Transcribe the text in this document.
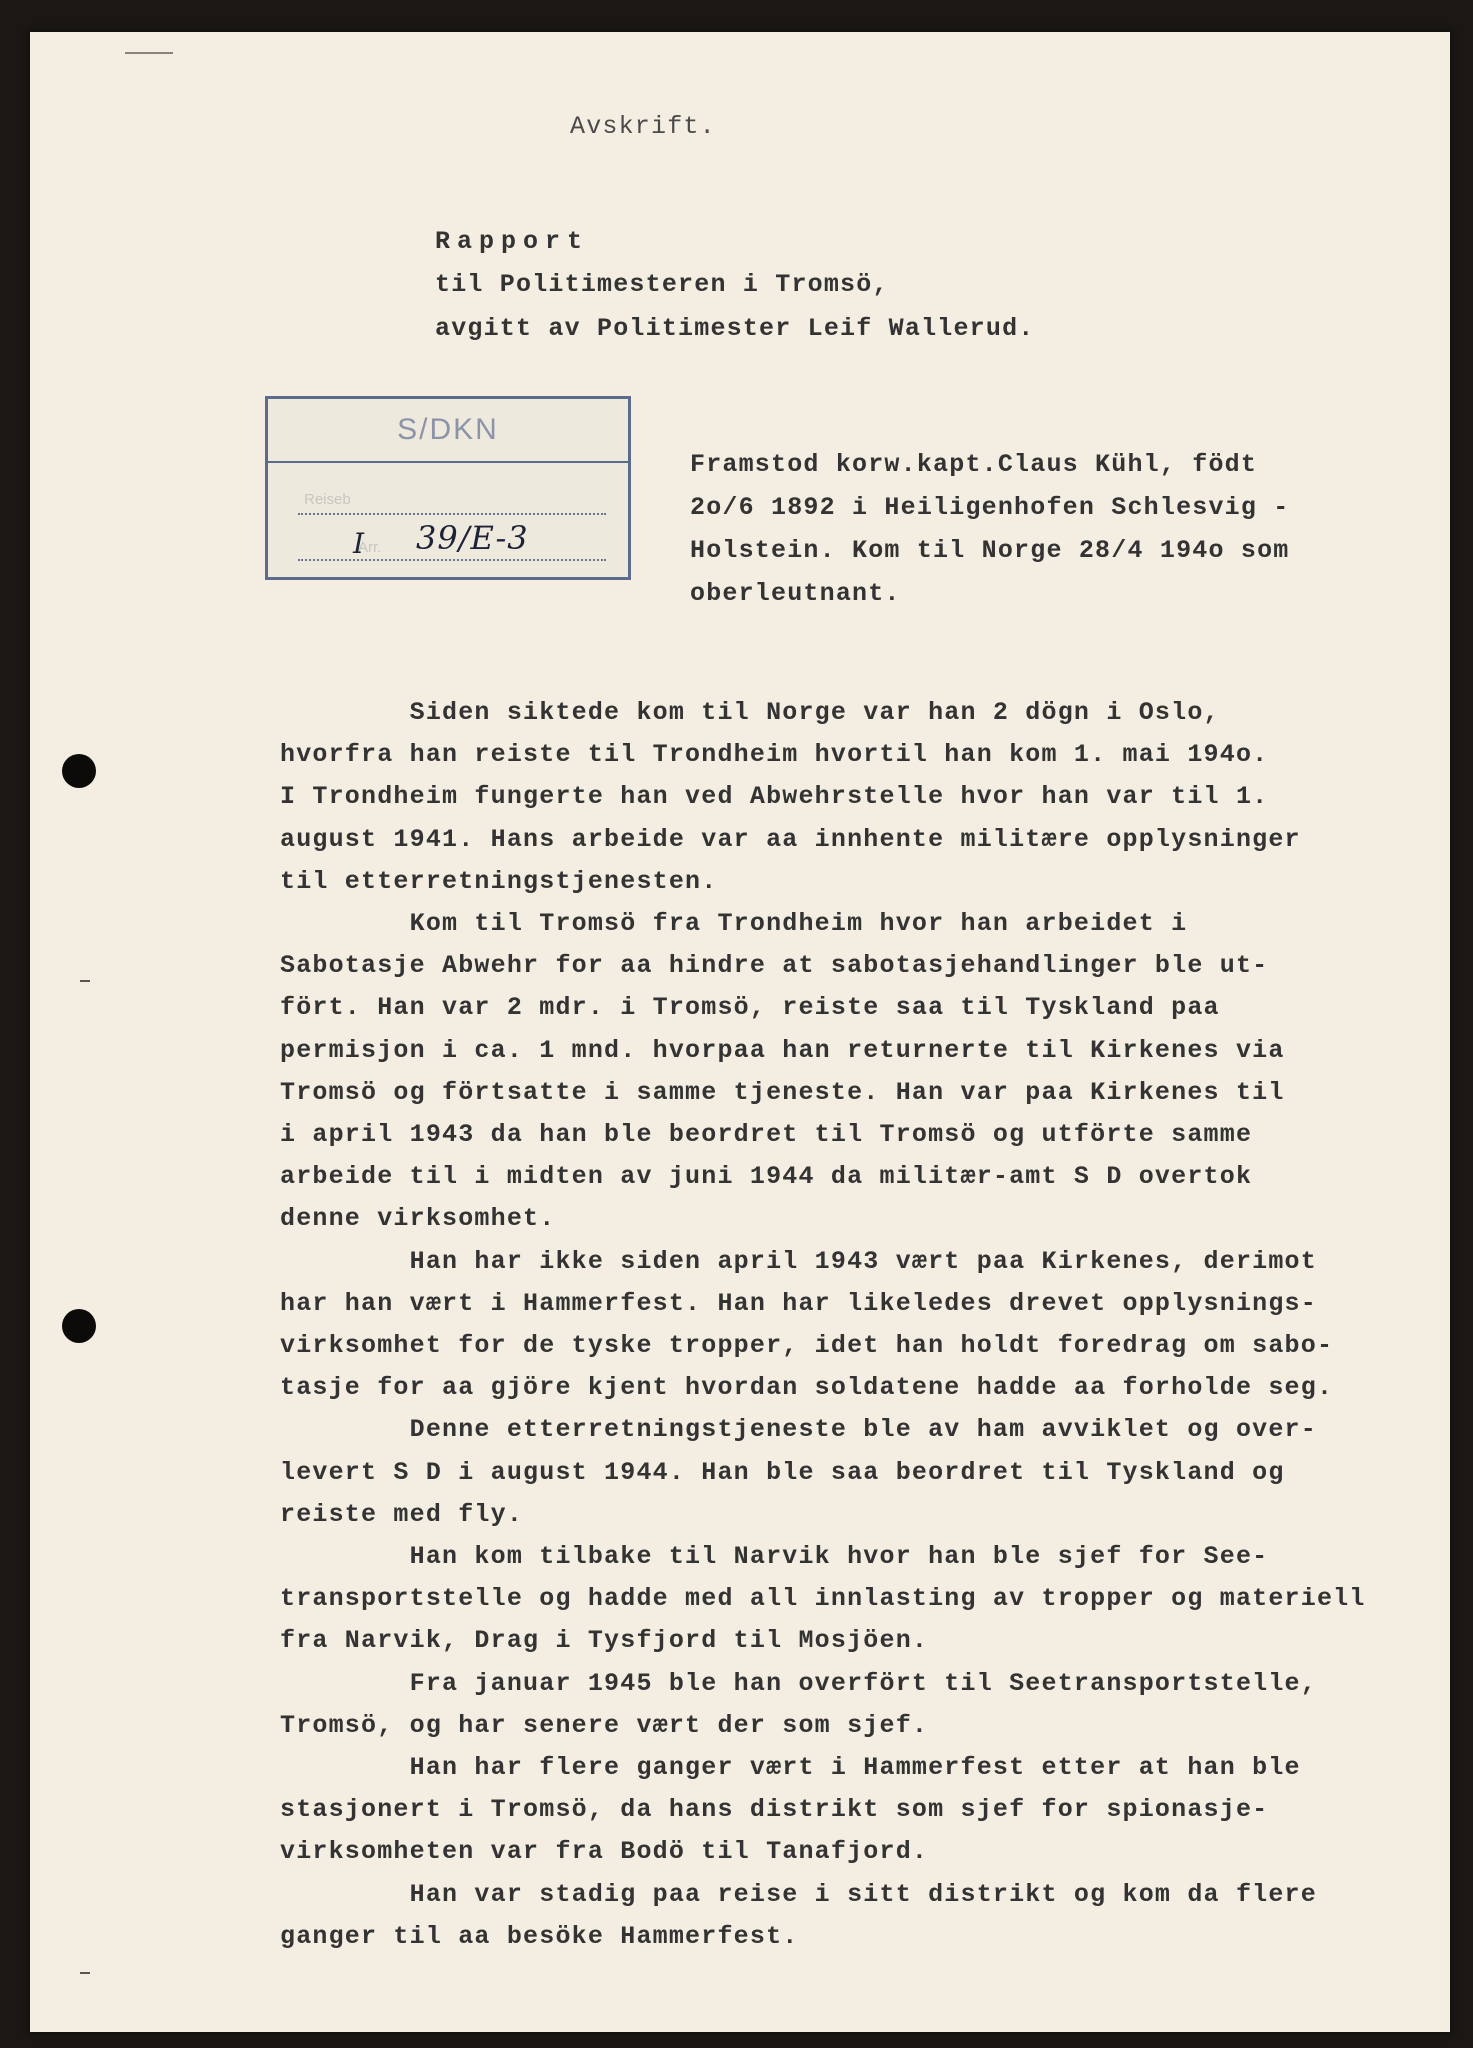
Avskrift.
Rapport
til Politimesteren i Tromsö,
avgitt av Politimester Leif Wallerud.
S/DKN
Reiseb
Arr.
I 39/E-3
Framstod korw.kapt.Claus Kühl, födt
2o/6 1892 i Heiligenhofen Schlesvig -
Holstein. Kom til Norge 28/4 194o som
oberleutnant.
Siden siktede kom til Norge var han 2 dögn i Oslo,
hvorfra han reiste til Trondheim hvortil han kom 1. mai 194o.
I Trondheim fungerte han ved Abwehrstelle hvor han var til 1.
august 1941. Hans arbeide var aa innhente militære opplysninger
til etterretningstjenesten.
Kom til Tromsö fra Trondheim hvor han arbeidet i
Sabotasje Abwehr for aa hindre at sabotasjehandlinger ble ut-
fört. Han var 2 mdr. i Tromsö, reiste saa til Tyskland paa
permisjon i ca. 1 mnd. hvorpaa han returnerte til Kirkenes via
Tromsö og förtsatte i samme tjeneste. Han var paa Kirkenes til
i april 1943 da han ble beordret til Tromsö og utförte samme
arbeide til i midten av juni 1944 da militær-amt S D overtok
denne virksomhet.
Han har ikke siden april 1943 vært paa Kirkenes, derimot
har han vært i Hammerfest. Han har likeledes drevet opplysnings-
virksomhet for de tyske tropper, idet han holdt foredrag om sabo-
tasje for aa gjöre kjent hvordan soldatene hadde aa forholde seg.
Denne etterretningstjeneste ble av ham avviklet og over-
levert S D i august 1944. Han ble saa beordret til Tyskland og
reiste med fly.
Han kom tilbake til Narvik hvor han ble sjef for See-
transportstelle og hadde med all innlasting av tropper og materiell
fra Narvik, Drag i Tysfjord til Mosjöen.
Fra januar 1945 ble han overfört til Seetransportstelle,
Tromsö, og har senere vært der som sjef.
Han har flere ganger vært i Hammerfest etter at han ble
stasjonert i Tromsö, da hans distrikt som sjef for spionasje-
virksomheten var fra Bodö til Tanafjord.
Han var stadig paa reise i sitt distrikt og kom da flere
ganger til aa besöke Hammerfest.
